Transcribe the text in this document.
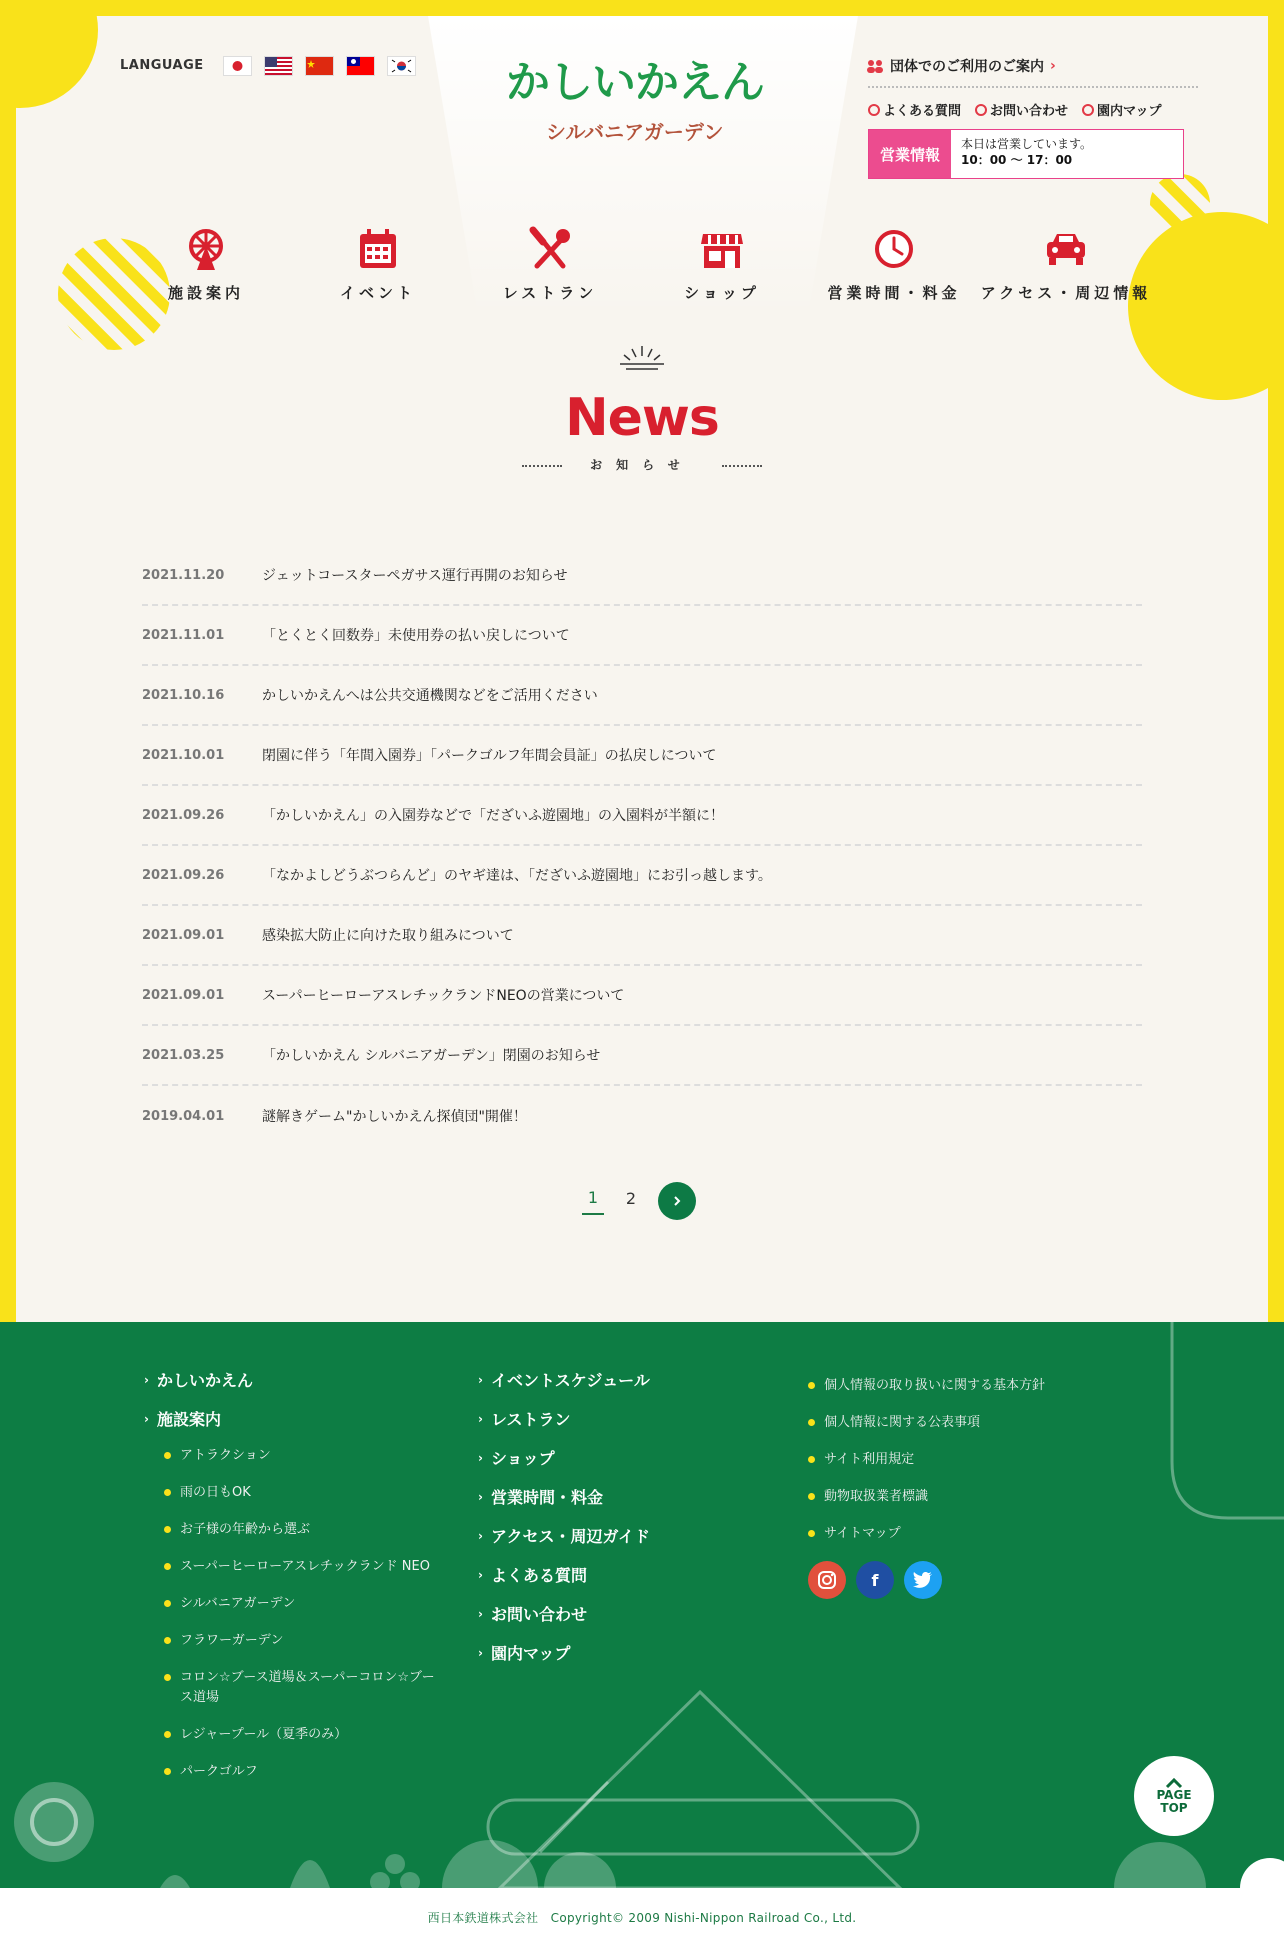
LANGUAGE	かしいかえん
シルバニアガーデン
団体でのご利用のご案内 ›
よくある質問	お問い合わせ	園内マップ
営業情報
本日は営業しています。
10：00 ～ 17：00
施設案内	イベント	レストラン	ショップ	営業時間・料金 アクセス・周辺情報
News
お知らせ
2021.11.20	ジェットコースターペガサス運行再開のお知らせ
2021.11.01	「とくとく回数券」未使用券の払い戻しについて
2021.10.16	かしいかえんへは公共交通機関などをご活用ください
2021.10.01	閉園に伴う「年間入園券」「パークゴルフ年間会員証」の払戻しについて
2021.09.26	「かしいかえん」の入園券などで「だざいふ遊園地」の入園料が半額に！
2021.09.26	「なかよしどうぶつらんど」のヤギ達は、「だざいふ遊園地」にお引っ越します。
2021.09.01	感染拡大防止に向けた取り組みについて
2021.09.01	スーパーヒーローアスレチックランドNEOの営業について
2021.03.25	「かしいかえん シルバニアガーデン」閉園のお知らせ
2019.04.01	謎解きゲーム"かしいかえん探偵団"開催！
1	2
› かしいかえん
› 施設案内
アトラクション
雨の日もOK
お子様の年齢から選ぶ
スーパーヒーローアスレチックランド NEO
シルバニアガーデン
フラワーガーデン
コロン☆ブース道場＆スーパーコロン☆ブース道場
レジャープール（夏季のみ）
パークゴルフ
› イベントスケジュール
› レストラン
› ショップ
› 営業時間・料金
› アクセス・周辺ガイド
› よくある質問
› お問い合わせ
› 園内マップ
個人情報の取り扱いに関する基本方針
個人情報に関する公表事項
サイト利用規定
動物取扱業者標識
サイトマップ
f
PAGE
TOP
西日本鉄道株式会社　Copyright© 2009 Nishi-Nippon Railroad Co., Ltd.
